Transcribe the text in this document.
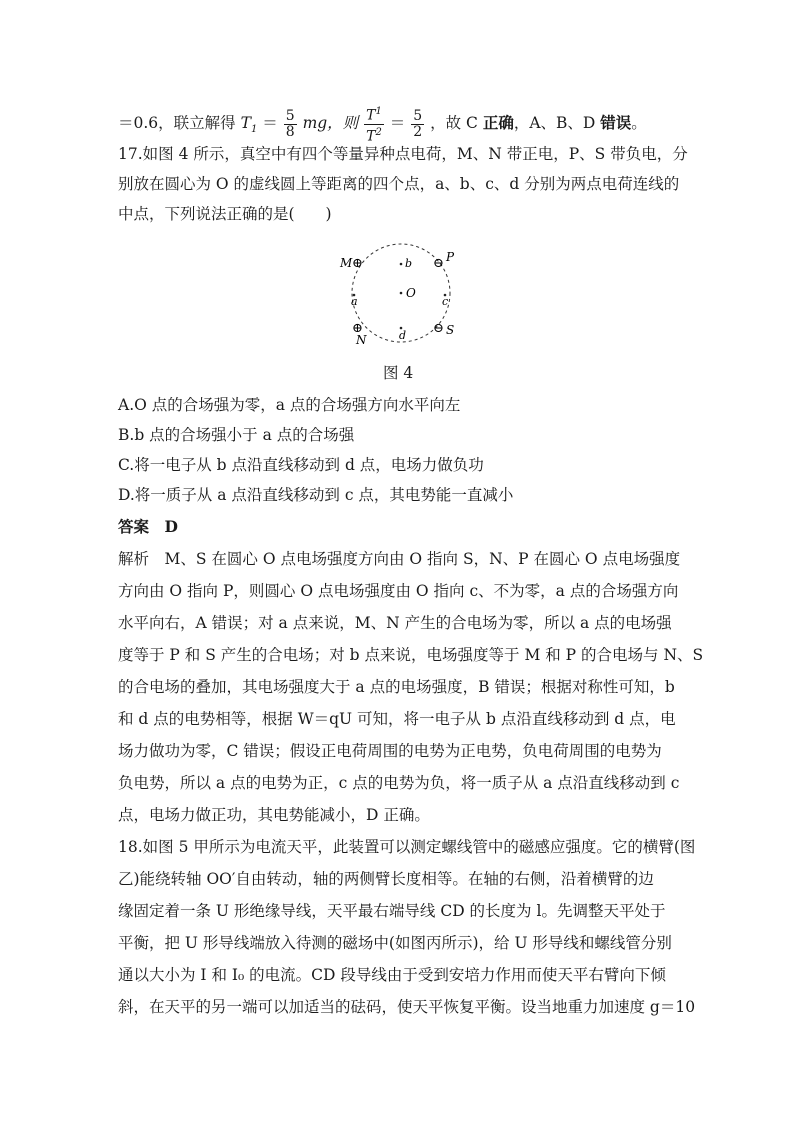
＝0.6，联立解得 $T_1 = \frac{5}{8}$ mg，则 $\frac{T^1}{T^2} = \frac{5}{2}$ ，故 C 正确，A、B、D 错误。
17.如图 4 所示，真空中有四个等量异种点电荷，M、N 带正电，P、S 带负电，分
别放在圆心为 O 的虚线圆上等距离的四个点，a、b、c、d 分别为两点电荷连线的
中点，下列说法正确的是(　　)
M ⊕	⊖ P
⊕
N
⊖ S
b
O
a	c
d
图 4
A.O 点的合场强为零，a 点的合场强方向水平向左
B.b 点的合场强小于 a 点的合场强
C.将一电子从 b 点沿直线移动到 d 点，电场力做负功
D.将一质子从 a 点沿直线移动到 c 点，其电势能一直减小
答案　D
解析　M、S 在圆心 O 点电场强度方向由 O 指向 S，N、P 在圆心 O 点电场强度
方向由 O 指向 P，则圆心 O 点电场强度由 O 指向 c、不为零，a 点的合场强方向
水平向右，A 错误；对 a 点来说，M、N 产生的合电场为零，所以 a 点的电场强
度等于 P 和 S 产生的合电场；对 b 点来说，电场强度等于 M 和 P 的合电场与 N、S
的合电场的叠加，其电场强度大于 a 点的电场强度，B 错误；根据对称性可知，b
和 d 点的电势相等，根据 W＝qU 可知，将一电子从 b 点沿直线移动到 d 点，电
场力做功为零，C 错误；假设正电荷周围的电势为正电势，负电荷周围的电势为
负电势，所以 a 点的电势为正，c 点的电势为负，将一质子从 a 点沿直线移动到 c
点，电场力做正功，其电势能减小，D 正确。
18.如图 5 甲所示为电流天平，此装置可以测定螺线管中的磁感应强度。它的横臂(图
乙)能绕转轴 OO′自由转动，轴的两侧臂长度相等。在轴的右侧，沿着横臂的边
缘固定着一条 U 形绝缘导线，天平最右端导线 CD 的长度为 l。先调整天平处于
平衡，把 U 形导线端放入待测的磁场中(如图丙所示)，给 U 形导线和螺线管分别
通以大小为 I 和 I₀ 的电流。CD 段导线由于受到安培力作用而使天平右臂向下倾
斜，在天平的另一端可以加适当的砝码，使天平恢复平衡。设当地重力加速度 g＝10
